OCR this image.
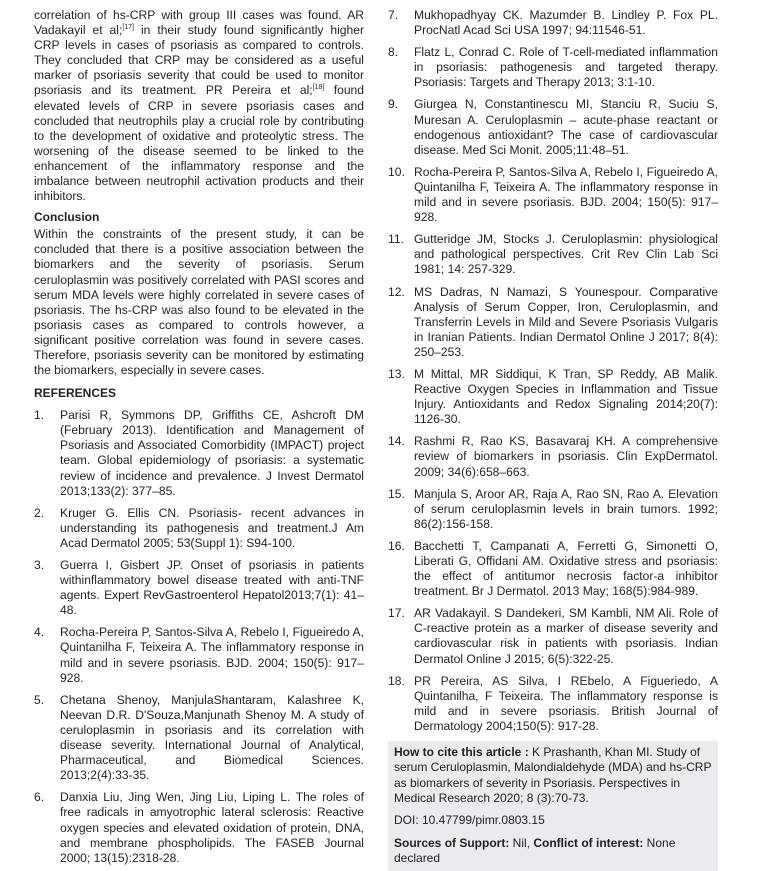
correlation of hs-CRP with group III cases was found. AR Vadakayil et al;[17] in their study found significantly higher CRP levels in cases of psoriasis as compared to controls. They concluded that CRP may be considered as a useful marker of psoriasis severity that could be used to monitor psoriasis and its treatment. PR Pereira et al;[18] found elevated levels of CRP in severe psoriasis cases and concluded that neutrophils play a crucial role by contributing to the development of oxidative and proteolytic stress. The worsening of the disease seemed to be linked to the enhancement of the inflammatory response and the imbalance between neutrophil activation products and their inhibitors.

Conclusion

Within the constraints of the present study, it can be concluded that there is a positive association between the biomarkers and the severity of psoriasis. Serum ceruloplasmin was positively correlated with PASI scores and serum MDA levels were highly correlated in severe cases of psoriasis. The hs-CRP was also found to be elevated in the psoriasis cases as compared to controls however, a significant positive correlation was found in severe cases. Therefore, psoriasis severity can be monitored by estimating the biomarkers, especially in severe cases.

REFERENCES
1.	Parisi R, Symmons DP, Griffiths CE, Ashcroft DM (February 2013). Identification and Management of Psoriasis and Associated Comorbidity (IMPACT) project team. Global epidemiology of psoriasis: a systematic review of incidence and prevalence. J Invest Dermatol 2013;133(2): 377–85.
2.	Kruger G. Ellis CN. Psoriasis- recent advances in understanding its pathogenesis and treatment.J Am Acad Dermatol 2005; 53(Suppl 1): S94-100.
3.	Guerra I, Gisbert JP. Onset of psoriasis in patients withinflammatory bowel disease treated with anti-TNF agents. Expert RevGastroenterol Hepatol2013;7(1): 41–48.
4.	Rocha-Pereira P, Santos-Silva A, Rebelo I, Figueiredo A, Quintanilha F, Teixeira A. The inflammatory response in mild and in severe psoriasis. BJD. 2004; 150(5): 917–928.
5.	Chetana Shenoy, ManjulaShantaram, Kalashree K, Neevan D.R. D'Souza,Manjunath Shenoy M. A study of ceruloplasmin in psoriasis and its correlation with disease severity. International Journal of Analytical, Pharmaceutical, and Biomedical Sciences. 2013;2(4):33-35.
6.	Danxia Liu, Jing Wen, Jing Liu, Liping L. The roles of free radicals in amyotrophic lateral sclerosis: Reactive oxygen species and elevated oxidation of protein, DNA, and membrane phospholipids. The FASEB Journal 2000; 13(15):2318-28.
7.	Mukhopadhyay CK. Mazumder B. Lindley P. Fox PL. ProcNatl Acad Sci USA 1997; 94:11546-51.
8.	Flatz L, Conrad C. Role of T-cell-mediated inflammation in psoriasis: pathogenesis and targeted therapy. Psoriasis: Targets and Therapy 2013; 3:1-10.
9.	Giurgea N, Constantinescu MI, Stanciu R, Suciu S, Muresan A. Ceruloplasmin – acute-phase reactant or endogenous antioxidant? The case of cardiovascular disease. Med Sci Monit. 2005;11:48–51.
10. Rocha-Pereira P, Santos-Silva A, Rebelo I, Figueiredo A, Quintanilha F, Teixeira A. The inflammatory response in mild and in severe psoriasis. BJD. 2004; 150(5): 917–928.
11. Gutteridge JM, Stocks J. Ceruloplasmin: physiological and pathological perspectives. Crit Rev Clin Lab Sci 1981; 14: 257-329.
12. MS Dadras, N Namazi, S Younespour. Comparative Analysis of Serum Copper, Iron, Ceruloplasmin, and Transferrin Levels in Mild and Severe Psoriasis Vulgaris in Iranian Patients. Indian Dermatol Online J 2017; 8(4): 250–253.
13. M Mittal, MR Siddiqui, K Tran, SP Reddy, AB Malik. Reactive Oxygen Species in Inflammation and Tissue Injury. Antioxidants and Redox Signaling 2014;20(7): 1126-30.
14. Rashmi R, Rao KS, Basavaraj KH. A comprehensive review of biomarkers in psoriasis. Clin ExpDermatol. 2009; 34(6):658–663.
15. Manjula S, Aroor AR, Raja A, Rao SN, Rao A. Elevation of serum ceruloplasmin levels in brain tumors. 1992; 86(2):156-158.
16. Bacchetti T, Campanati A, Ferretti G, Simonetti O, Liberati G, Offidani AM. Oxidative stress and psoriasis: the effect of antitumor necrosis factor-a inhibitor treatment. Br J Dermatol. 2013 May; 168(5):984-989.
17. AR Vadakayil. S Dandekeri, SM Kambli, NM Ali. Role of C-reactive protein as a marker of disease severity and cardiovascular risk in patients with psoriasis. Indian Dermatol Online J 2015; 6(5):322-25.
18. PR Pereira, AS Silva, I REbelo, A Figueriedo, A Quintanilha, F Teixeira. The inflammatory response is mild and in severe psoriasis. British Journal of Dermatology 2004;150(5): 917-28.

How to cite this article : K Prashanth, Khan MI. Study of serum Ceruloplasmin, Malondialdehyde (MDA) and hs-CRP as biomarkers of severity in Psoriasis. Perspectives in Medical Research 2020; 8 (3):70-73.

DOI: 10.47799/pimr.0803.15

Sources of Support: Nil, Conflict of interest: None declared
